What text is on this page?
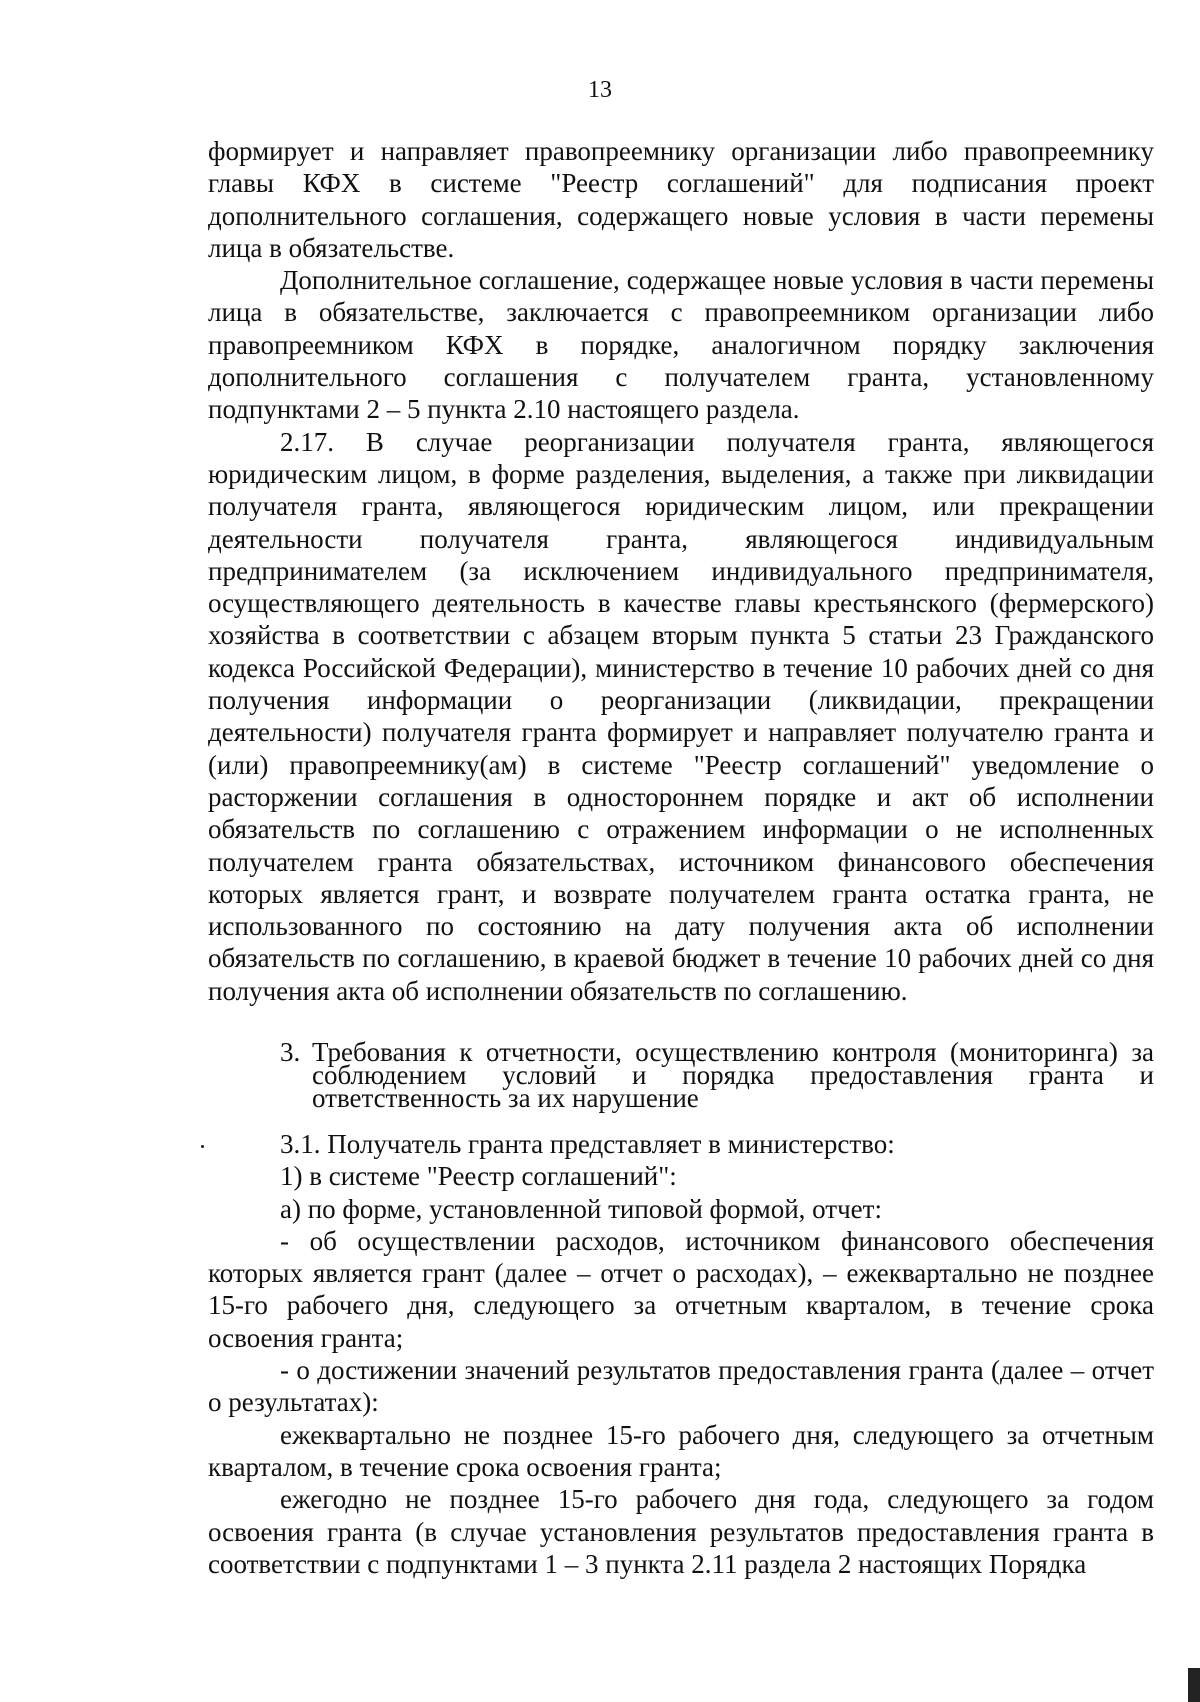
13

формирует и направляет правопреемнику организации либо правопреемнику главы КФХ в системе "Реестр соглашений" для подписания проект дополнительного соглашения, содержащего новые условия в части перемены лица в обязательстве.

Дополнительное соглашение, содержащее новые условия в части перемены лица в обязательстве, заключается с правопреемником организации либо правопреемником КФХ в порядке, аналогичном порядку заключения дополнительного соглашения с получателем гранта, установленному подпунктами 2 – 5 пункта 2.10 настоящего раздела.

2.17. В случае реорганизации получателя гранта, являющегося юридическим лицом, в форме разделения, выделения, а также при ликвидации получателя гранта, являющегося юридическим лицом, или прекращении деятельности получателя гранта, являющегося индивидуальным предпринимателем (за исключением индивидуального предпринимателя, осуществляющего деятельность в качестве главы крестьянского (фермерского) хозяйства в соответствии с абзацем вторым пункта 5 статьи 23 Гражданского кодекса Российской Федерации), министерство в течение 10 рабочих дней со дня получения информации о реорганизации (ликвидации, прекращении деятельности) получателя гранта формирует и направляет получателю гранта и (или) правопреемнику(ам) в системе "Реестр соглашений" уведомление о расторжении соглашения в одностороннем порядке и акт об исполнении обязательств по соглашению с отражением информации о не исполненных получателем гранта обязательствах, источником финансового обеспечения которых является грант, и возврате получателем гранта остатка гранта, не использованного по состоянию на дату получения акта об исполнении обязательств по соглашению, в краевой бюджет в течение 10 рабочих дней со дня получения акта об исполнении обязательств по соглашению.

3. Требования к отчетности, осуществлению контроля (мониторинга) за соблюдением условий и порядка предоставления гранта и ответственность за их нарушение

3.1. Получатель гранта представляет в министерство:

1) в системе "Реестр соглашений":

а) по форме, установленной типовой формой, отчет:

- об осуществлении расходов, источником финансового обеспечения которых является грант (далее – отчет о расходах), – ежеквартально не позднее 15-го рабочего дня, следующего за отчетным кварталом, в течение срока освоения гранта;

- о достижении значений результатов предоставления гранта (далее – отчет о результатах):

ежеквартально не позднее 15-го рабочего дня, следующего за отчетным кварталом, в течение срока освоения гранта;

ежегодно не позднее 15-го рабочего дня года, следующего за годом освоения гранта (в случае установления результатов предоставления гранта в соответствии с подпунктами 1 – 3 пункта 2.11 раздела 2 настоящих Порядка
